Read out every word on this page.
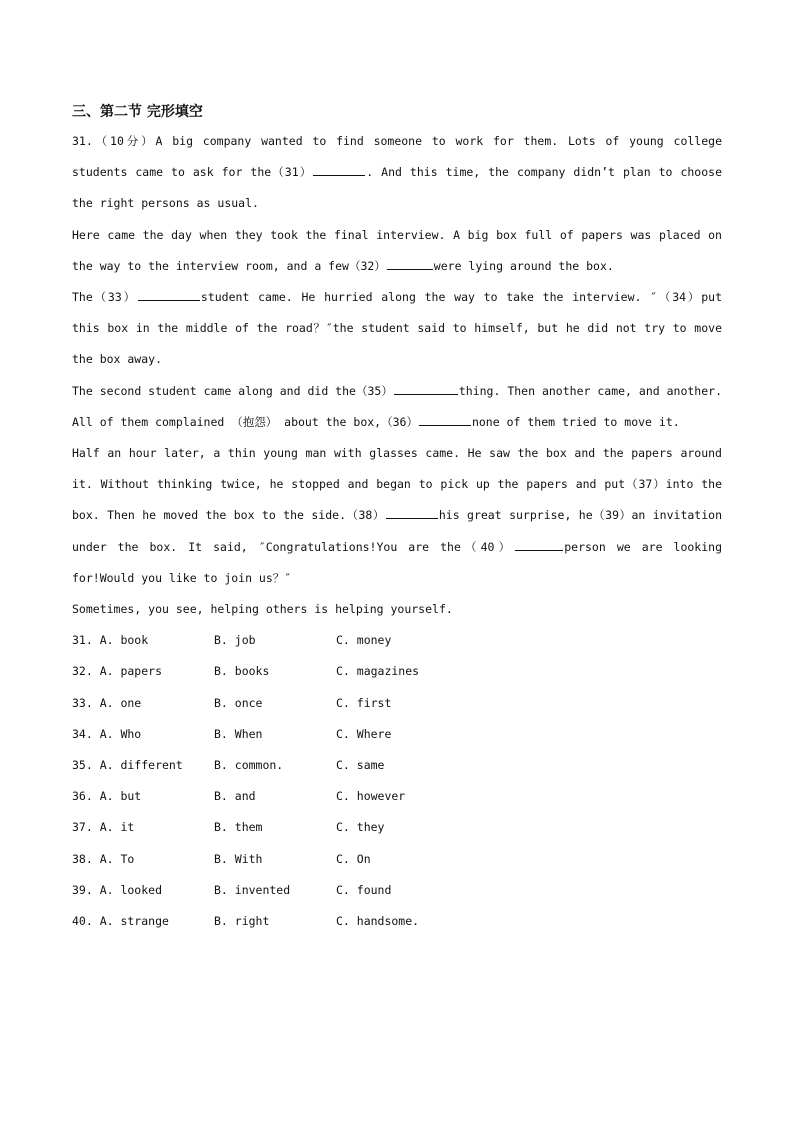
三、第二节 完形填空

31.（10分）A big company wanted to find someone to work for them. Lots of young college students came to ask for the（31）	. And this time, the company didn’t plan to choose the right persons as usual.

Here came the day when they took the final interview. A big box full of papers was placed on the way to the interview room, and a few（32）	were lying around the box.

The（33）	student came. He hurried along the way to take the interview. ″（34）put this box in the middle of the road？″the student said to himself, but he did not try to move the box away.

The second student came along and did the（35）	thing. Then another came, and another. All of them complained （抱怨） about the box,（36）	none of them tried to move it.

Half an hour later, a thin young man with glasses came. He saw the box and the papers around it. Without thinking twice, he stopped and began to pick up the papers and put（37）into the box. Then he moved the box to the side.（38）	his great surprise, he（39）an invitation under the box. It said, ″Congratulations!You are the（40）	person we are looking for!Would you like to join us？″

Sometimes, you see, helping others is helping yourself.

31. A. book	B. job	C. money
32. A. papers	B. books	C. magazines
33. A. one	B. once	C. first
34. A. Who	B. When	C. Where
35. A. different	B. common.	C. same
36. A. but	B. and	C. however
37. A. it	B. them	C. they
38. A. To	B. With	C. On
39. A. looked	B. invented	C. found
40. A. strange	B. right	C. handsome.
